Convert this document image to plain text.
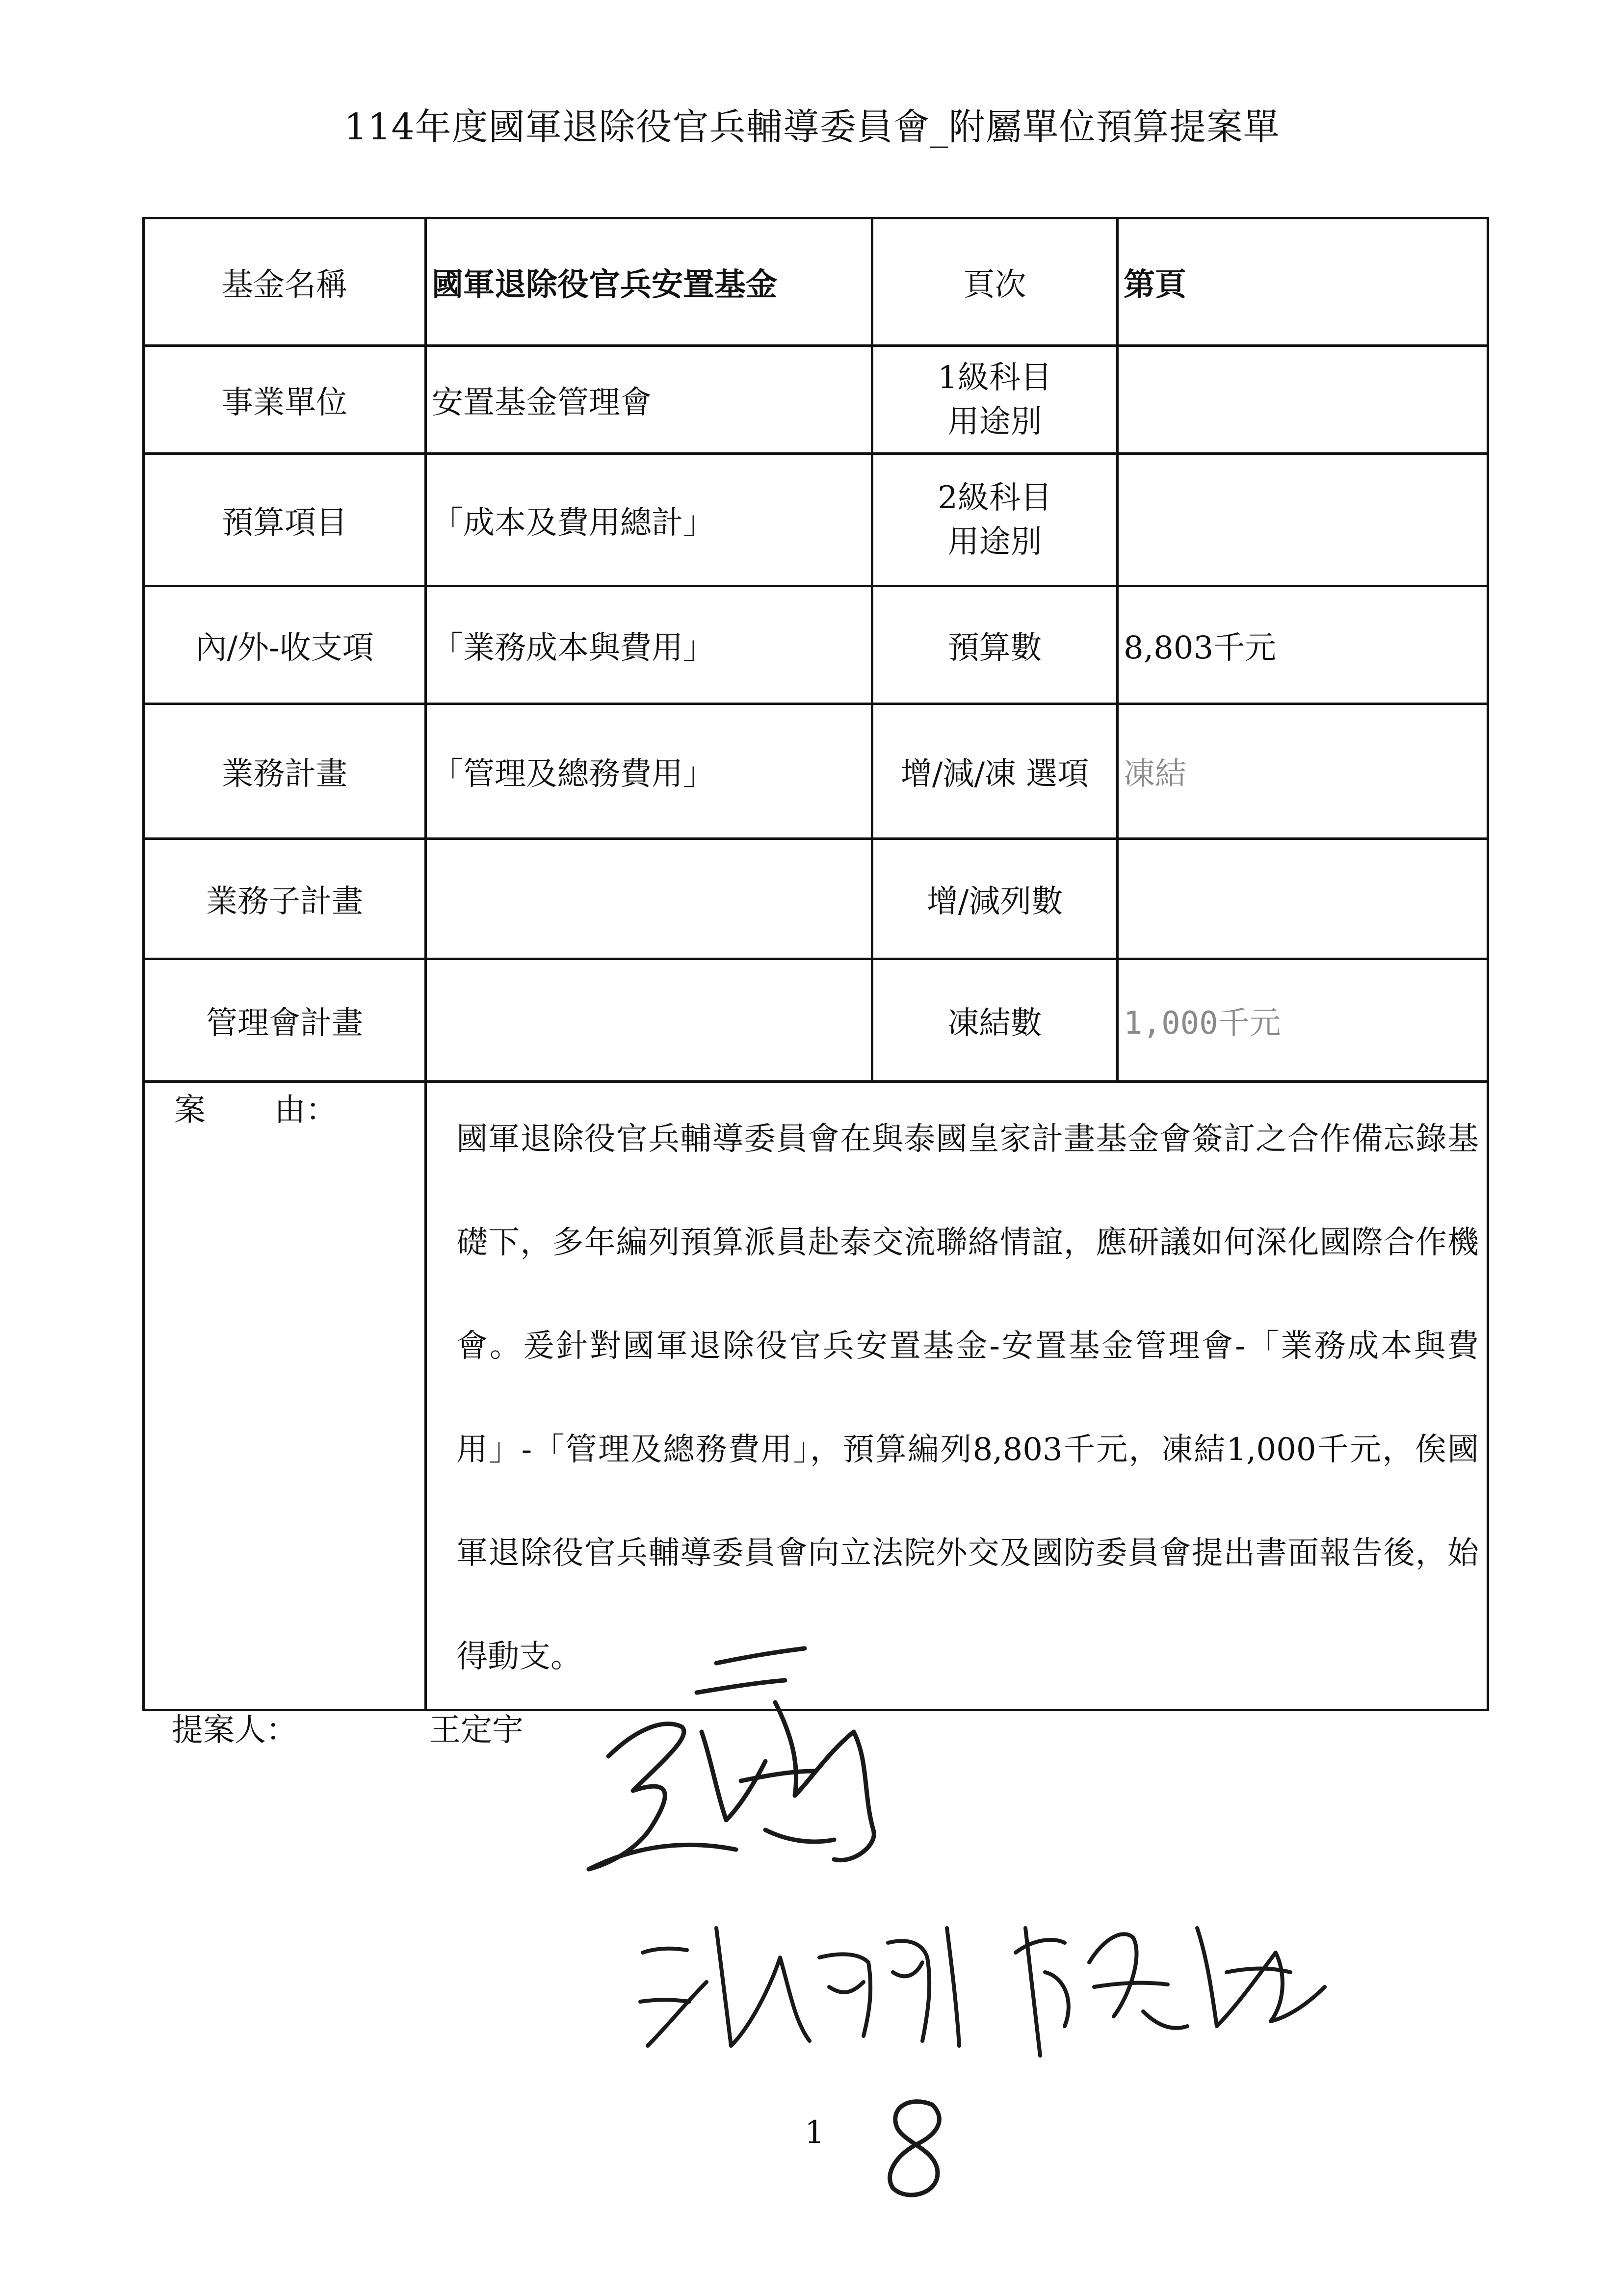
114年度國軍退除役官兵輔導委員會_附屬單位預算提案單
基金名稱	國軍退除役官兵安置基金	頁次	第頁
事業單位	安置基金管理會	1級科目
用途別	

預算項目	「成本及費用總計」	2級科目
用途別	

內/外-收支項	「業務成本與費用」	預算數	8,803千元
業務計畫	「管理及總務費用」	增/減/凍 選項	凍結
業務子計畫		增/減列數	
管理會計畫		凍結數	1,000千元
案 由：	國軍退除役官兵輔導委員會在與泰國皇家計畫基金會簽訂之合作備忘錄基礎下，多年編列預算派員赴泰交流聯絡情誼，應研議如何深化國際合作機會。爰針對國軍退除役官兵安置基金-安置基金管理會-「業務成本與費用」-「管理及總務費用」，預算編列8,803千元，凍結1,000千元，俟國軍退除役官兵輔導委員會向立法院外交及國防委員會提出書面報告後，始得動支。		
提案人：	王定宇
1
